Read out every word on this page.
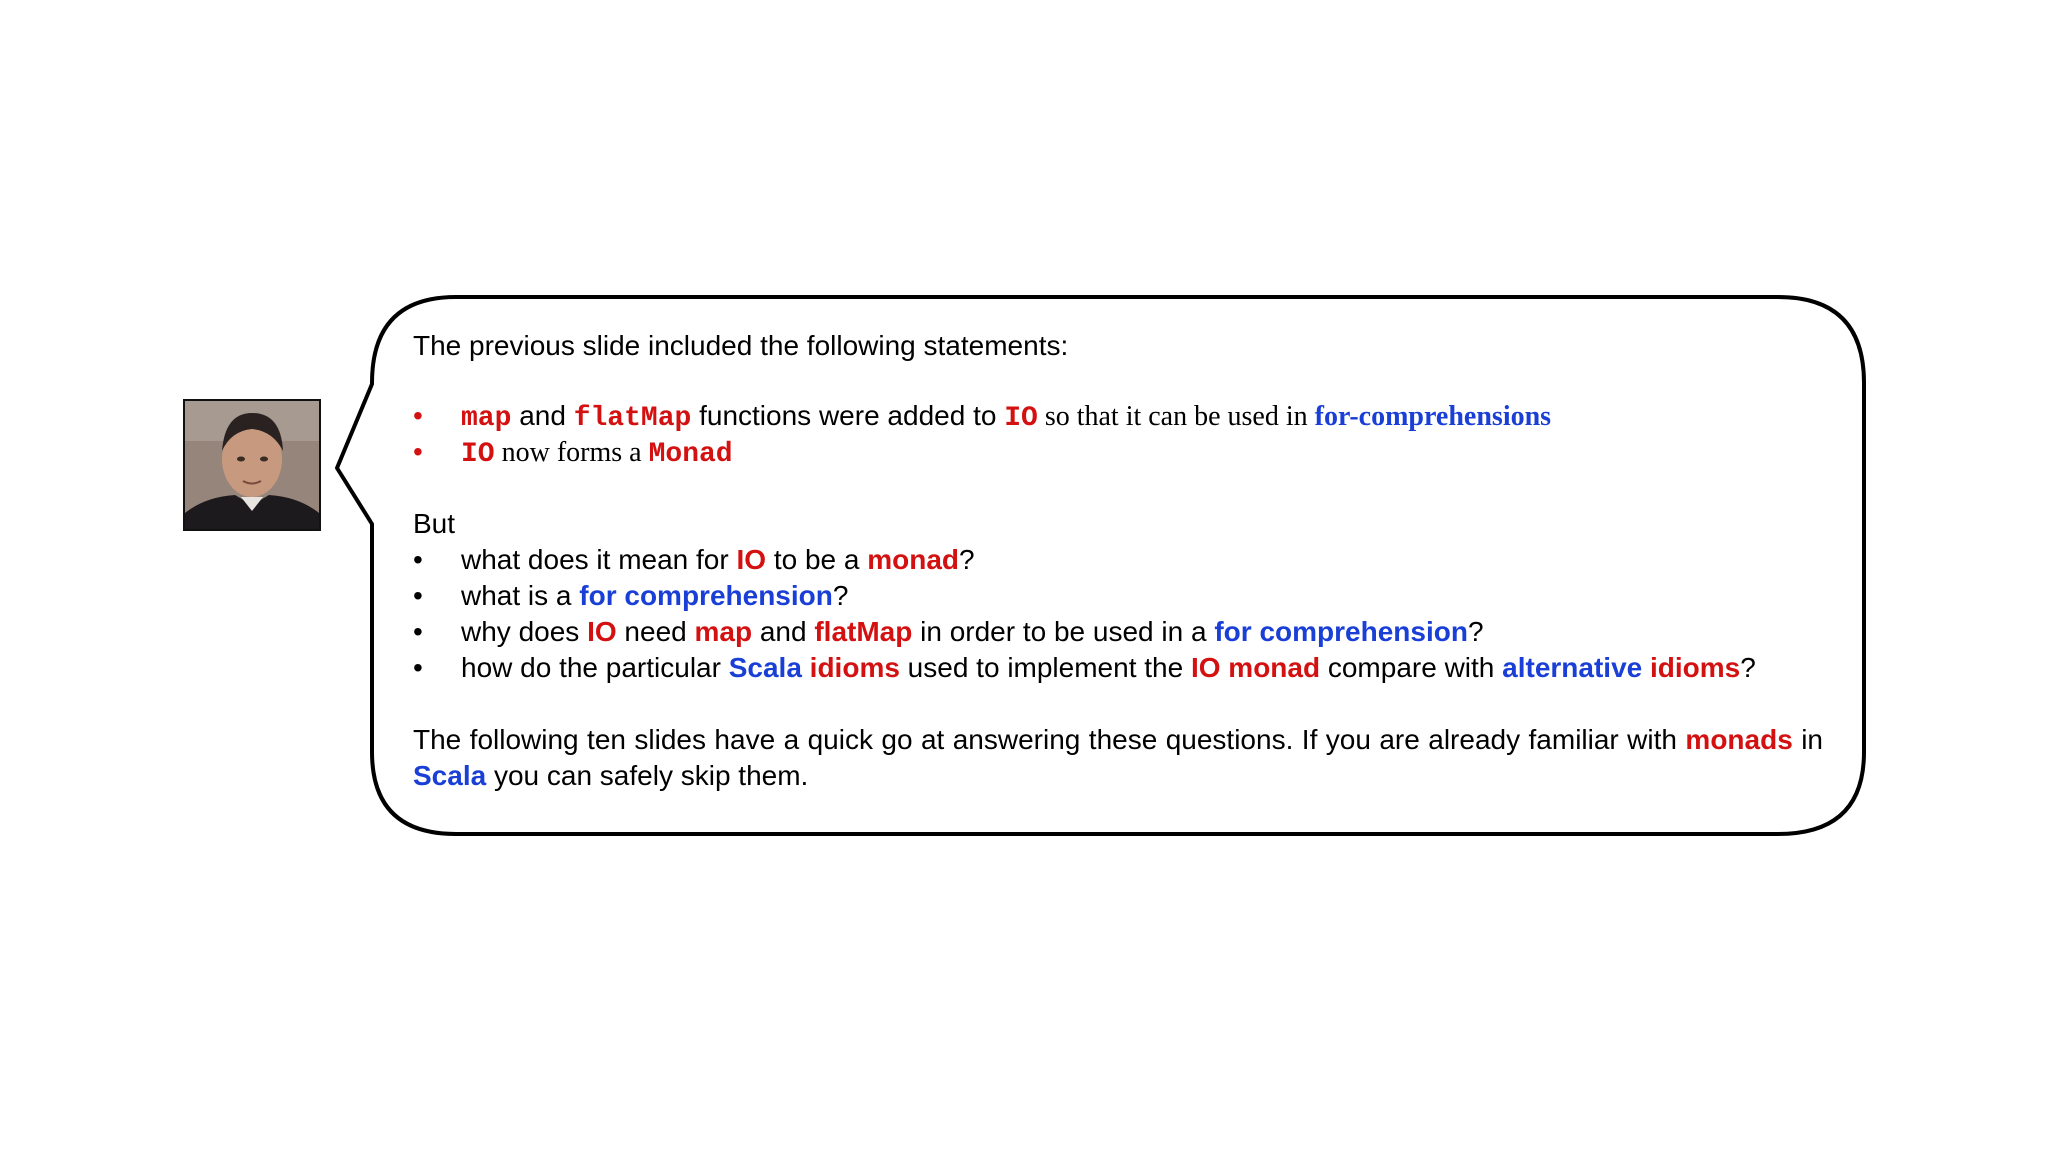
The previous slide included the following statements:
• map and flatMap functions were added to IO so that it can be used in for-comprehensions
• IO now forms a Monad
But
• what does it mean for IO to be a monad?
• what is a for comprehension?
• why does IO need map and flatMap in order to be used in a for comprehension?
• how do the particular Scala idioms used to implement the IO monad compare with alternative idioms?
The following ten slides have a quick go at answering these questions. If you are already familiar with monads in Scala you can safely skip them.
